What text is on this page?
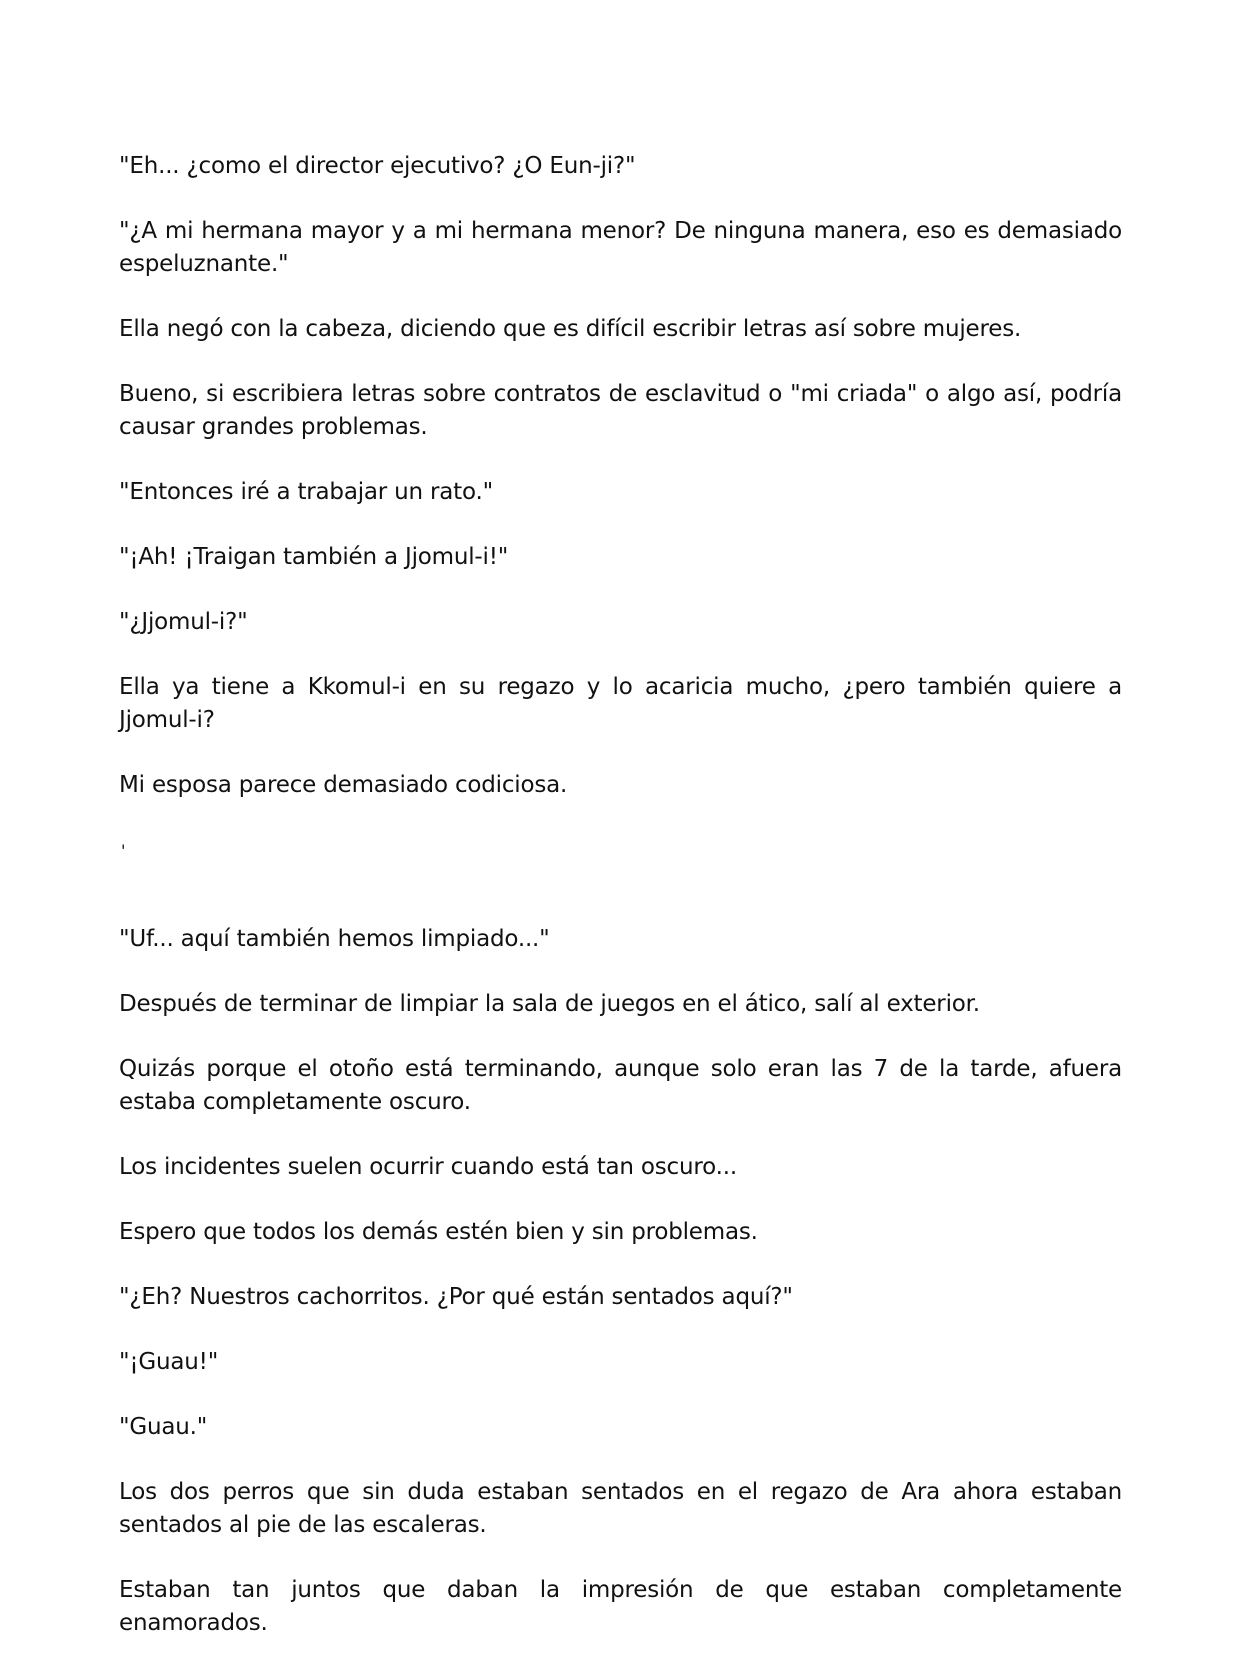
"Eh... ¿como el director ejecutivo? ¿O Eun-ji?"

"¿A mi hermana mayor y a mi hermana menor? De ninguna manera, eso es demasiado espeluznante."

Ella negó con la cabeza, diciendo que es difícil escribir letras así sobre mujeres.

Bueno, si escribiera letras sobre contratos de esclavitud o "mi criada" o algo así, podría causar grandes problemas.

"Entonces iré a trabajar un rato."

"¡Ah! ¡Traigan también a Jjomul-i!"

"¿Jjomul-i?"

Ella ya tiene a Kkomul-i en su regazo y lo acaricia mucho, ¿pero también quiere a Jjomul-i?

Mi esposa parece demasiado codiciosa.

'

"Uf... aquí también hemos limpiado..."

Después de terminar de limpiar la sala de juegos en el ático, salí al exterior.

Quizás porque el otoño está terminando, aunque solo eran las 7 de la tarde, afuera estaba completamente oscuro.

Los incidentes suelen ocurrir cuando está tan oscuro...

Espero que todos los demás estén bien y sin problemas.

"¿Eh? Nuestros cachorritos. ¿Por qué están sentados aquí?"

"¡Guau!"

"Guau."

Los dos perros que sin duda estaban sentados en el regazo de Ara ahora estaban sentados al pie de las escaleras.

Estaban tan juntos que daban la impresión de que estaban completamente enamorados.
